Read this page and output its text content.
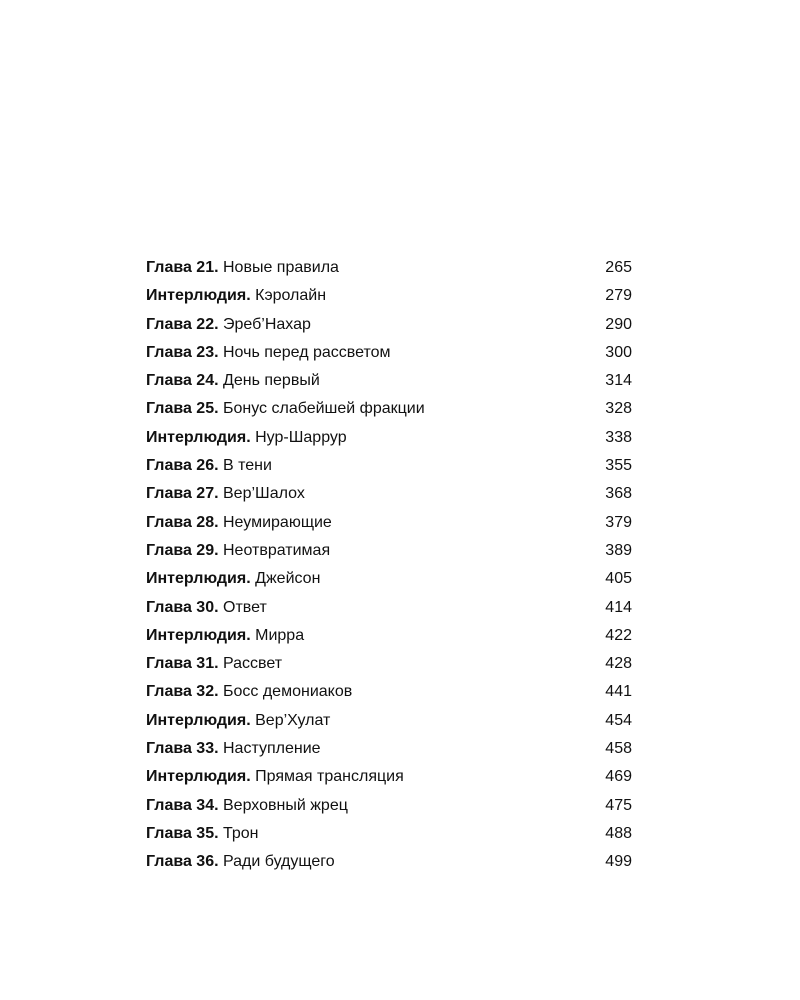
Глава 21. Новые правила	265
Интерлюдия. Кэролайн	279
Глава 22. Эреб’Нахар	290
Глава 23. Ночь перед рассветом	300
Глава 24. День первый	314
Глава 25. Бонус слабейшей фракции	328
Интерлюдия. Нур-Шаррур	338
Глава 26. В тени	355
Глава 27. Вер’Шалох	368
Глава 28. Неумирающие	379
Глава 29. Неотвратимая	389
Интерлюдия. Джейсон	405
Глава 30. Ответ	414
Интерлюдия. Мирра	422
Глава 31. Рассвет	428
Глава 32. Босс демониаков	441
Интерлюдия. Вер’Хулат	454
Глава 33. Наступление	458
Интерлюдия. Прямая трансляция	469
Глава 34. Верховный жрец	475
Глава 35. Трон	488
Глава 36. Ради будущего	499
